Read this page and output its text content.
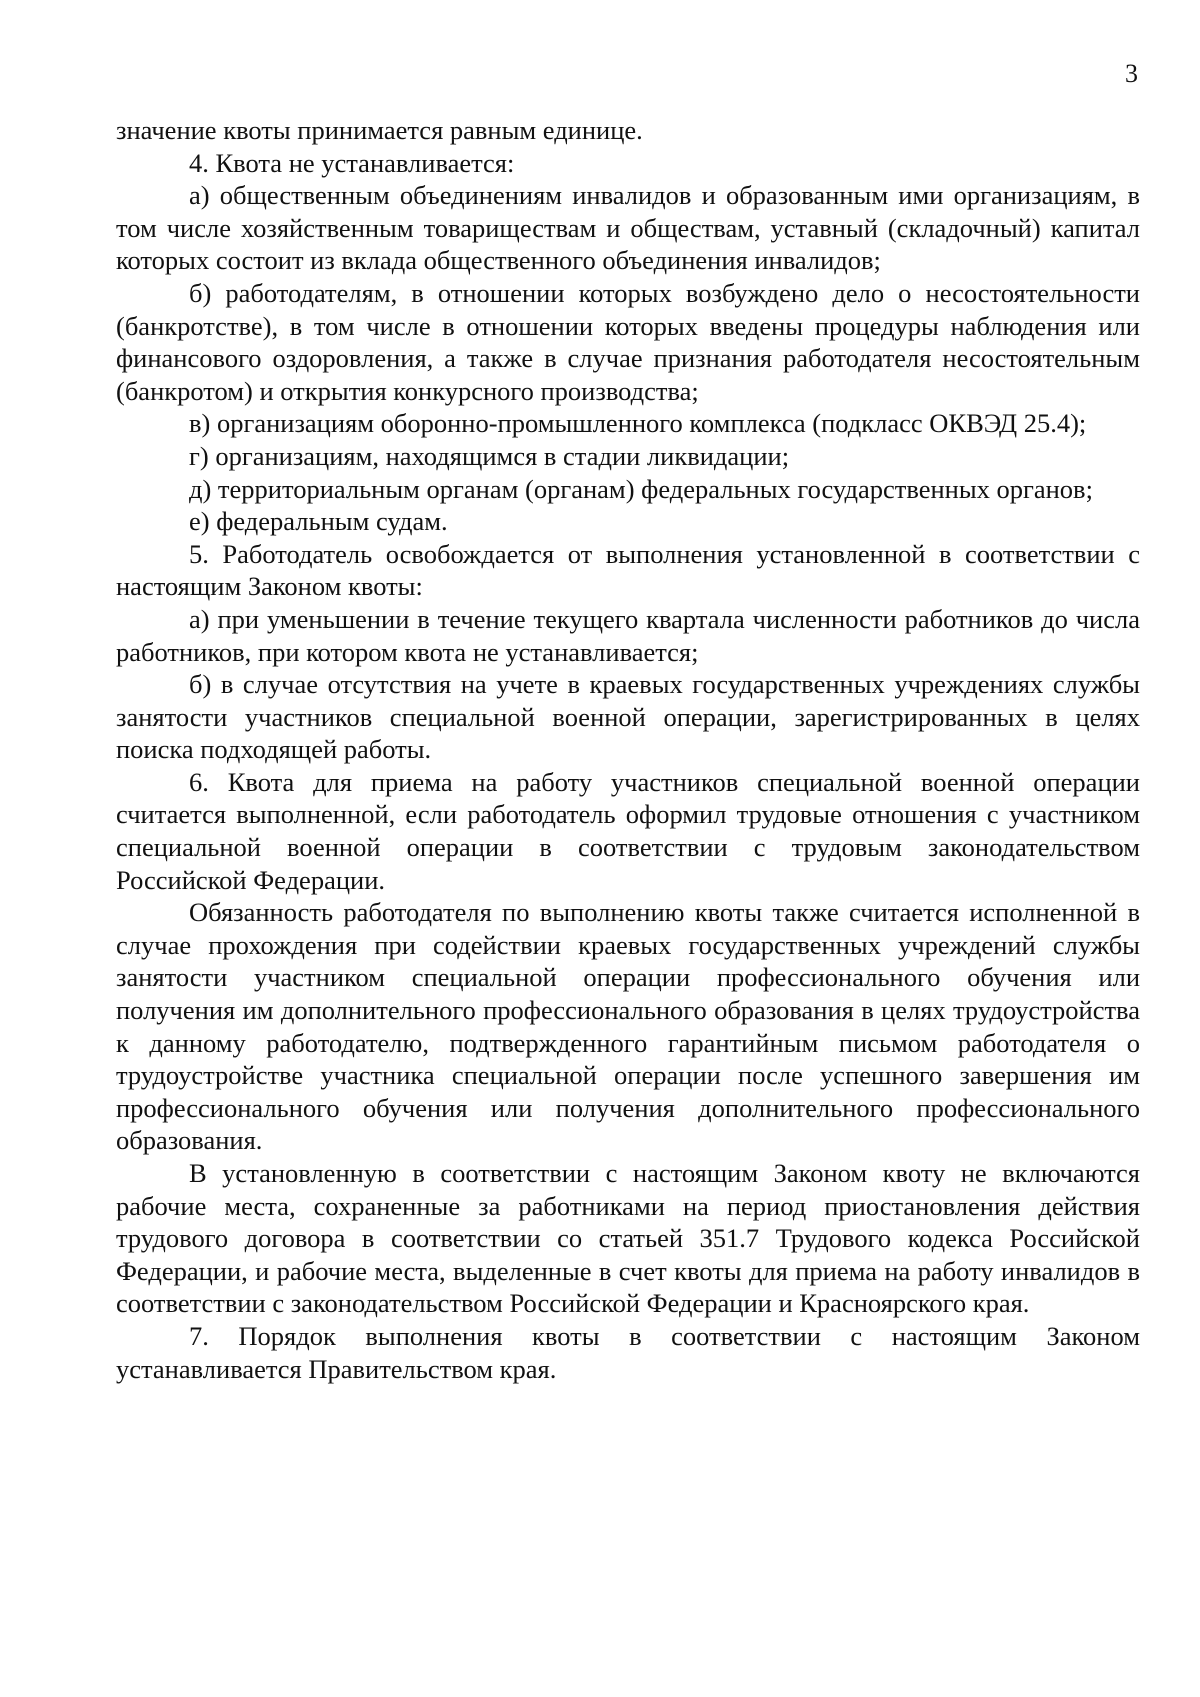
3

значение квоты принимается равным единице.

4. Квота не устанавливается:

а) общественным объединениям инвалидов и образованным ими организациям, в том числе хозяйственным товариществам и обществам, уставный (складочный) капитал которых состоит из вклада общественного объединения инвалидов;

б) работодателям, в отношении которых возбуждено дело о несостоятельности (банкротстве), в том числе в отношении которых введены процедуры наблюдения или финансового оздоровления, а также в случае признания работодателя несостоятельным (банкротом) и открытия конкурсного производства;

в) организациям оборонно-промышленного комплекса (подкласс ОКВЭД 25.4);

г) организациям, находящимся в стадии ликвидации;

д) территориальным органам (органам) федеральных государственных органов;

е) федеральным судам.

5. Работодатель освобождается от выполнения установленной в соответствии с настоящим Законом квоты:

а) при уменьшении в течение текущего квартала численности работников до числа работников, при котором квота не устанавливается;

б) в случае отсутствия на учете в краевых государственных учреждениях службы занятости участников специальной военной операции, зарегистрированных в целях поиска подходящей работы.

6. Квота для приема на работу участников специальной военной операции считается выполненной, если работодатель оформил трудовые отношения с участником специальной военной операции в соответствии с трудовым законодательством Российской Федерации.

Обязанность работодателя по выполнению квоты также считается исполненной в случае прохождения при содействии краевых государственных учреждений службы занятости участником специальной операции профессионального обучения или получения им дополнительного профессионального образования в целях трудоустройства к данному работодателю, подтвержденного гарантийным письмом работодателя о трудоустройстве участника специальной операции после успешного завершения им профессионального обучения или получения дополнительного профессионального образования.

В установленную в соответствии с настоящим Законом квоту не включаются рабочие места, сохраненные за работниками на период приостановления действия трудового договора в соответствии со статьей 351.7 Трудового кодекса Российской Федерации, и рабочие места, выделенные в счет квоты для приема на работу инвалидов в соответствии с законодательством Российской Федерации и Красноярского края.

7. Порядок выполнения квоты в соответствии с настоящим Законом устанавливается Правительством края.
